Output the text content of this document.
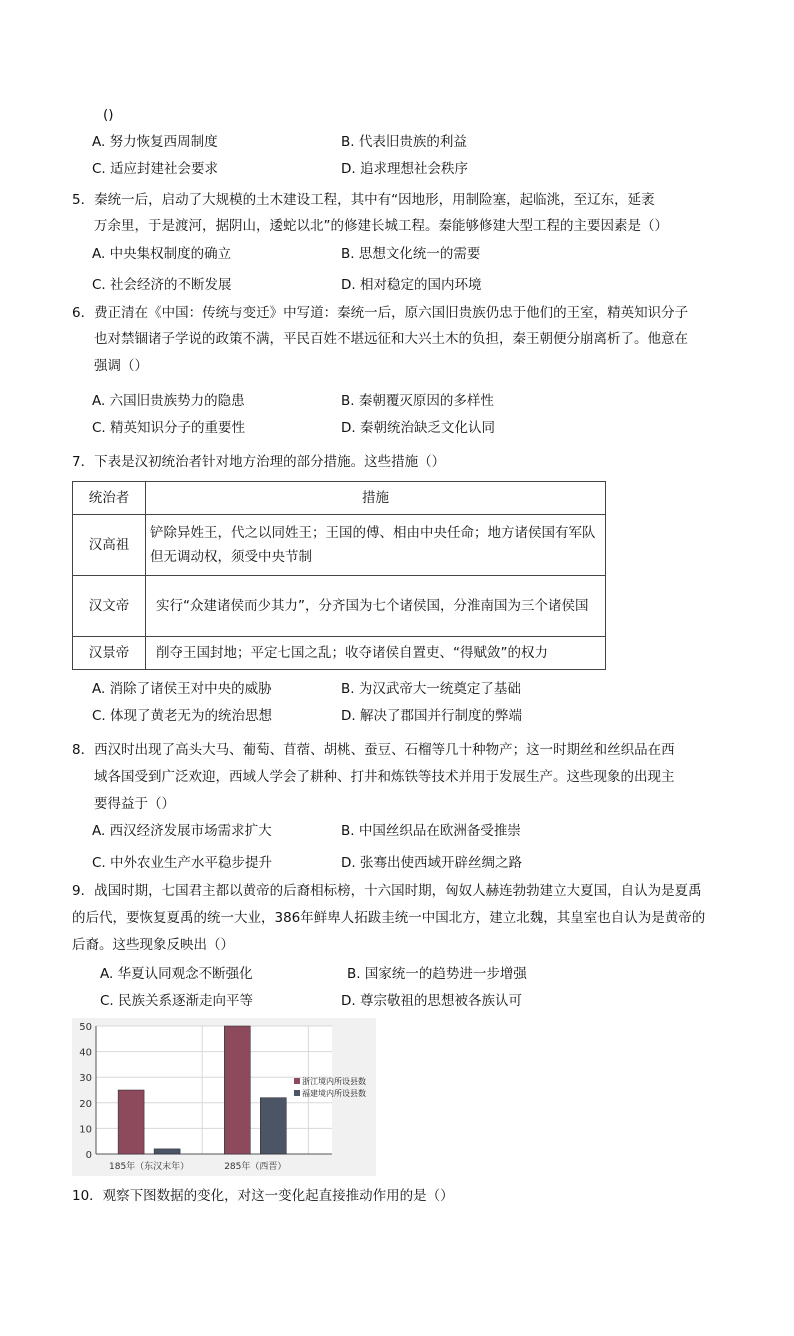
()
A. 努力恢复西周制度	B. 代表旧贵族的利益
C. 适应封建社会要求	D. 追求理想社会秩序
5．秦统一后，启动了大规模的土木建设工程，其中有“因地形，用制险塞，起临洮，至辽东，延袤
万余里，于是渡河，据阴山，逶蛇以北”的修建长城工程。秦能够修建大型工程的主要因素是（）
A. 中央集权制度的确立	B. 思想文化统一的需要
C. 社会经济的不断发展	D. 相对稳定的国内环境
6．费正清在《中国：传统与变迁》中写道：秦统一后，原六国旧贵族仍忠于他们的王室，精英知识分子
也对禁锢诸子学说的政策不满，平民百姓不堪远征和大兴土木的负担，秦王朝便分崩离析了。他意在
强调（）
A. 六国旧贵族势力的隐患	B. 秦朝覆灭原因的多样性
C. 精英知识分子的重要性	D. 秦朝统治缺乏文化认同
7．下表是汉初统治者针对地方治理的部分措施。这些措施（）
统治者	措施
汉高祖	铲除异姓王，代之以同姓王；王国的傅、相由中央任命；地方诸侯国有军队但无调动权，须受中央节制
汉文帝	实行“众建诸侯而少其力”，分齐国为七个诸侯国，分淮南国为三个诸侯国
汉景帝	削夺王国封地；平定七国之乱；收夺诸侯自置吏、“得赋敛”的权力
A. 消除了诸侯王对中央的威胁	B. 为汉武帝大一统奠定了基础
C. 体现了黄老无为的统治思想	D. 解决了郡国并行制度的弊端
8．西汉时出现了高头大马、葡萄、苜蓿、胡桃、蚕豆、石榴等几十种物产；这一时期丝和丝织品在西
域各国受到广泛欢迎，西域人学会了耕种、打井和炼铁等技术并用于发展生产。这些现象的出现主
要得益于（）
A. 西汉经济发展市场需求扩大	B. 中国丝织品在欧洲备受推崇
C. 中外农业生产水平稳步提升	D. 张骞出使西域开辟丝绸之路
9．战国时期，七国君主都以黄帝的后裔相标榜，十六国时期，匈奴人赫连勃勃建立大夏国，自认为是夏禹
的后代，要恢复夏禹的统一大业，386年鲜卑人拓跋圭统一中国北方，建立北魏，其皇室也自认为是黄帝的
后裔。这些现象反映出（）
A. 华夏认同观念不断强化	B. 国家统一的趋势进一步增强
C. 民族关系逐渐走向平等	D. 尊宗敬祖的思想被各族认可
0
10
20
30
40
50
185年（东汉末年）	285年（西晋）
浙江境内所设县数
福建境内所设县数
10．观察下图数据的变化，对这一变化起直接推动作用的是（）
